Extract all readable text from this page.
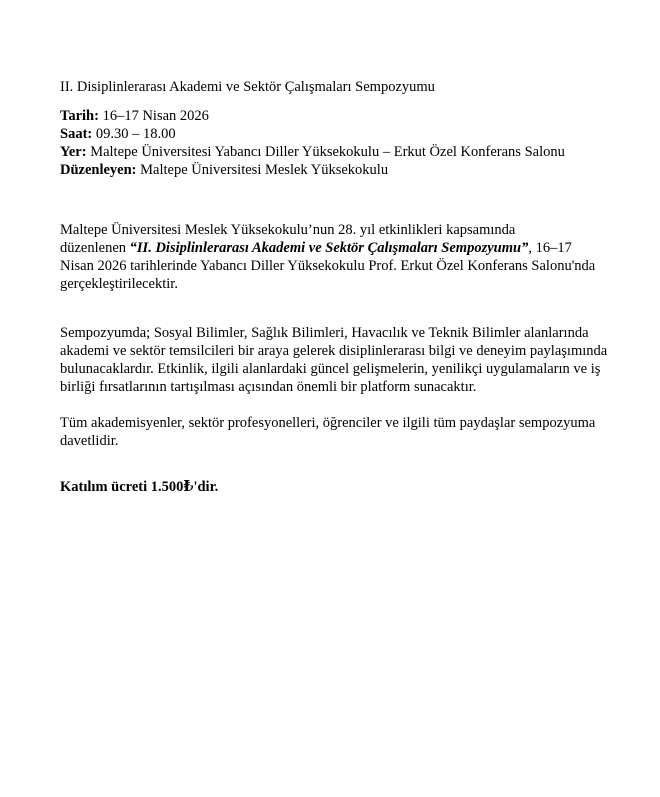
II. Disiplinlerarası Akademi ve Sektör Çalışmaları Sempozyumu

Tarih: 16–17 Nisan 2026

Saat: 09.30 – 18.00

Yer: Maltepe Üniversitesi Yabancı Diller Yüksekokulu – Erkut Özel Konferans Salonu

Düzenleyen: Maltepe Üniversitesi Meslek Yüksekokulu

Maltepe Üniversitesi Meslek Yüksekokulu’nun 28. yıl etkinlikleri kapsamında
düzenlenen “II. Disiplinlerarası Akademi ve Sektör Çalışmaları Sempozyumu”, 16–17
Nisan 2026 tarihlerinde Yabancı Diller Yüksekokulu Prof. Erkut Özel Konferans Salonu'nda
gerçekleştirilecektir.

Sempozyumda; Sosyal Bilimler, Sağlık Bilimleri, Havacılık ve Teknik Bilimler alanlarında
akademi ve sektör temsilcileri bir araya gelerek disiplinlerarası bilgi ve deneyim paylaşımında
bulunacaklardır. Etkinlik, ilgili alanlardaki güncel gelişmelerin, yenilikçi uygulamaların ve iş
birliği fırsatlarının tartışılması açısından önemli bir platform sunacaktır.

Tüm akademisyenler, sektör profesyonelleri, öğrenciler ve ilgili tüm paydaşlar sempozyuma
davetlidir.

Katılım ücreti 1.500₺'dir.
